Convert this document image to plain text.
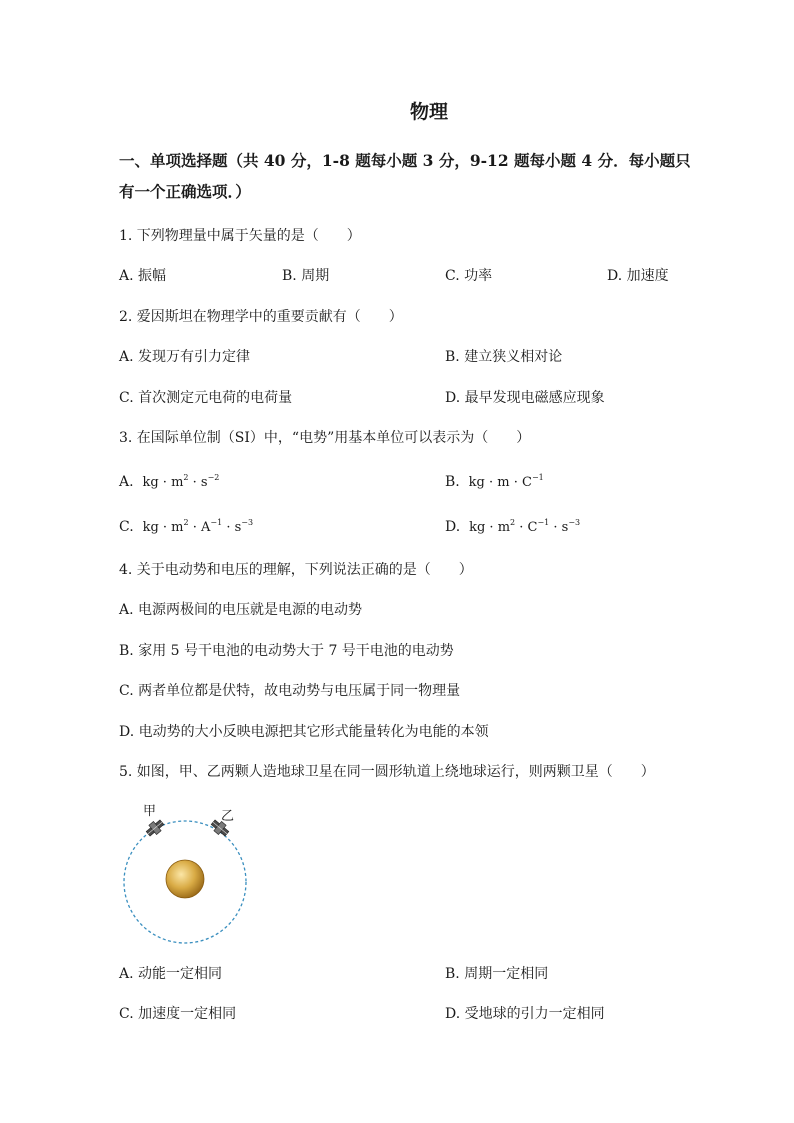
物理
一、单项选择题（共 40 分，1-8 题每小题 3 分，9-12 题每小题 4 分．每小题只
有一个正确选项．）
1. 下列物理量中属于矢量的是（　　）
A. 振幅	B. 周期	C. 功率	D. 加速度
2. 爱因斯坦在物理学中的重要贡献有（　　）
A. 发现万有引力定律	B. 建立狭义相对论
C. 首次测定元电荷的电荷量	D. 最早发现电磁感应现象
3. 在国际单位制（SI）中，“电势”用基本单位可以表示为（　　）
A. kg · $m^2 \cdot s^{-2}$	B. kg · $m \cdot C^{-1}$
C. kg · $m^2 \cdot A^{-1} \cdot s^{-3}$	D. kg · $m^2 \cdot C^{-1} \cdot s^{-3}$
4. 关于电动势和电压的理解，下列说法正确的是（　　）
A. 电源两极间的电压就是电源的电动势
B. 家用 5 号干电池的电动势大于 7 号干电池的电动势
C. 两者单位都是伏特，故电动势与电压属于同一物理量
D. 电动势的大小反映电源把其它形式能量转化为电能的本领
5. 如图，甲、乙两颗人造地球卫星在同一圆形轨道上绕地球运行，则两颗卫星（　　）
甲	乙
A. 动能一定相同	B. 周期一定相同
C. 加速度一定相同	D. 受地球的引力一定相同
